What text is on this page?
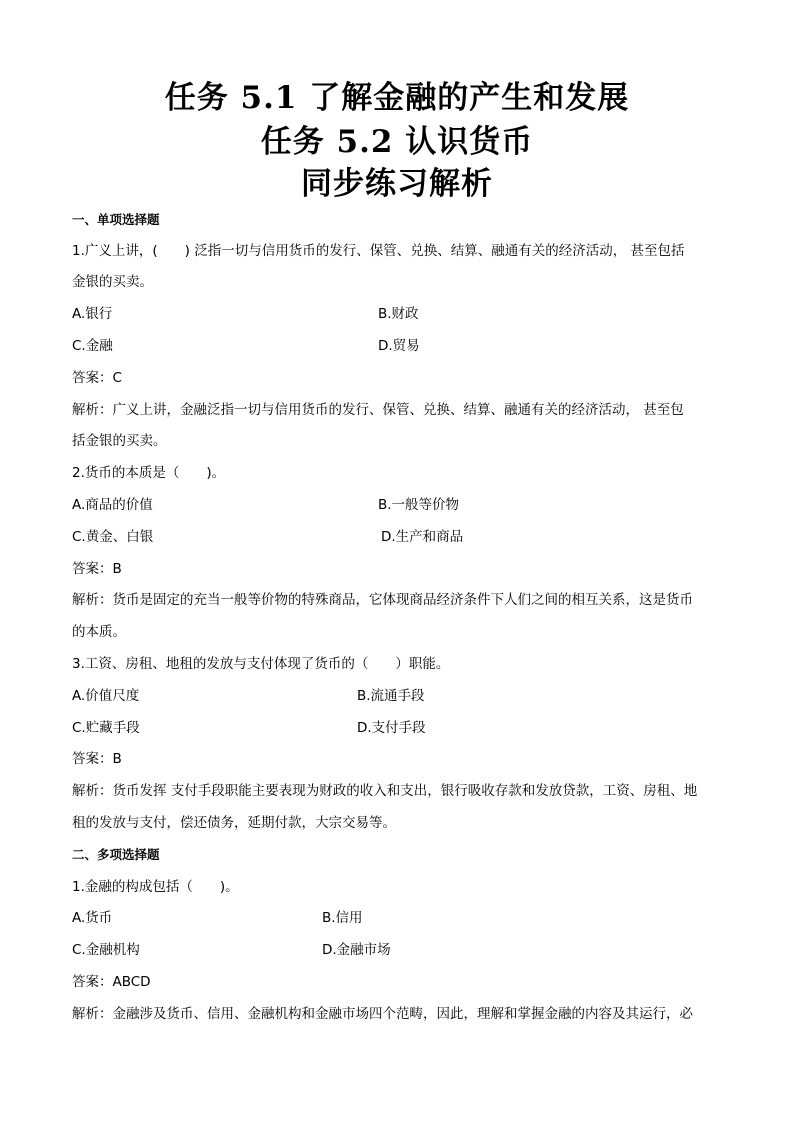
任务 5.1 了解金融的产生和发展
任务 5.2 认识货币
同步练习解析
一、单项选择题
1.广义上讲，(　　) 泛指一切与信用货币的发行、保管、兑换、结算、融通有关的经济活动， 甚至包括
金银的买卖。
A.银行	B.财政
C.金融	D.贸易
答案：C
解析：广义上讲，金融泛指一切与信用货币的发行、保管、兑换、结算、融通有关的经济活动， 甚至包
括金银的买卖。
2.货币的本质是（　　)。
A.商品的价值	B.一般等价物
C.黄金、白银	D.生产和商品
答案：B
解析：货币是固定的充当一般等价物的特殊商品，它体现商品经济条件下人们之间的相互关系，这是货币
的本质。
3.工资、房租、地租的发放与支付体现了货币的（　　）职能。
A.价值尺度	B.流通手段
C.贮藏手段	D.支付手段
答案：B
解析：货币发挥 支付手段职能主要表现为财政的收入和支出，银行吸收存款和发放贷款，工资、房租、地
租的发放与支付，偿还债务，延期付款，大宗交易等。
二、多项选择题
1.金融的构成包括（　　)。
A.货币	B.信用
C.金融机构	D.金融市场
答案：ABCD
解析：金融涉及货币、信用、金融机构和金融市场四个范畴，因此，理解和掌握金融的内容及其运行，必
